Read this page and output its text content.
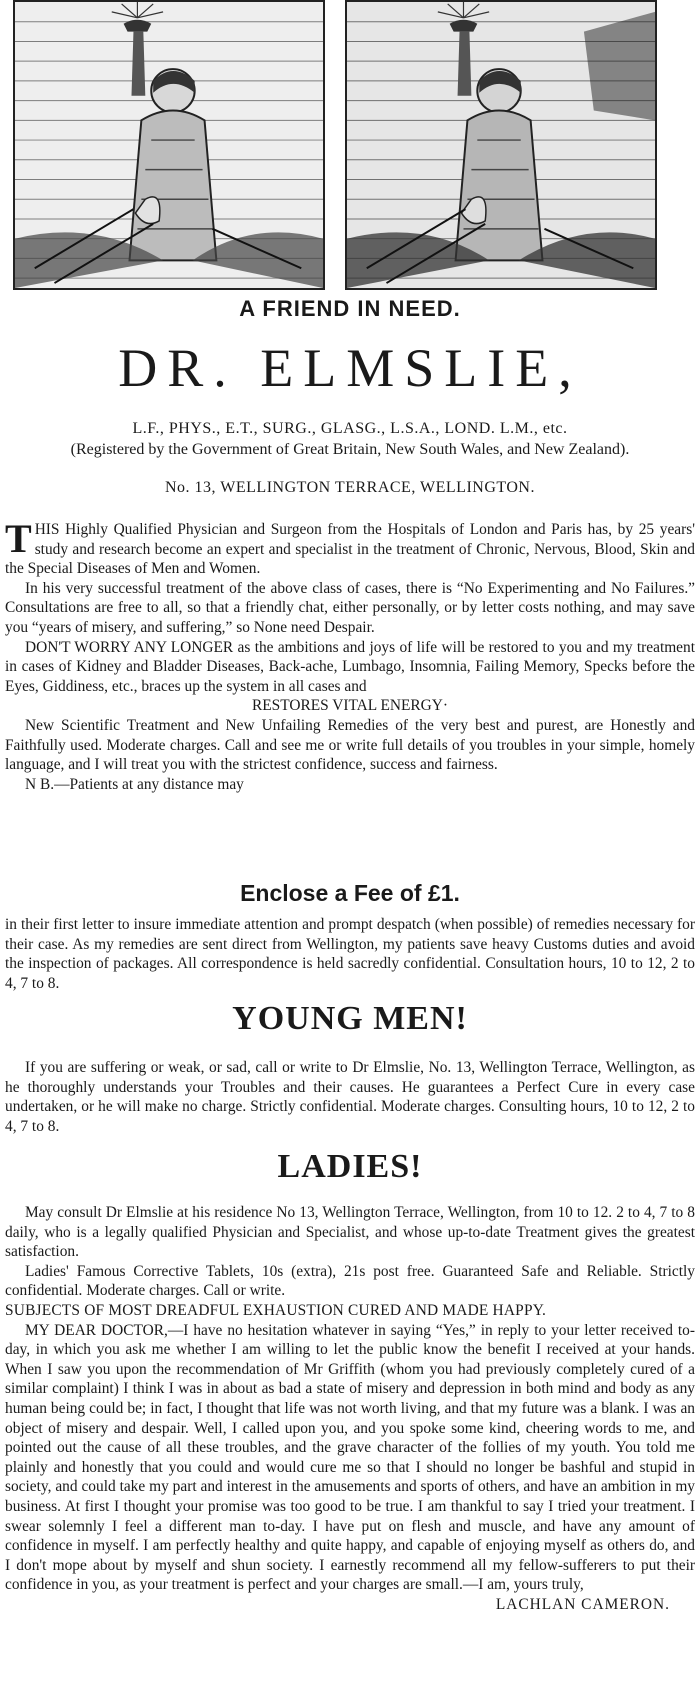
A FRIEND IN NEED.
DR. ELMSLIE,
L.F., PHYS., E.T., SURG., GLASG., L.S.A., LOND. L.M., etc.
(Registered by the Government of Great Britain, New South Wales, and New Zealand).
No. 13, WELLINGTON TERRACE, WELLINGTON.

THIS Highly Qualified Physician and Surgeon from the Hospitals of London and Paris has, by 25 years' study and research become an expert and specialist in the treatment of Chronic, Nervous, Blood, Skin and the Special Diseases of Men and Women.

In his very successful treatment of the above class of cases, there is “No Experimenting and No Failures.” Consultations are free to all, so that a friendly chat, either personally, or by letter costs nothing, and may save you “years of misery, and suffering,” so None need Despair.

DON'T WORRY ANY LONGER as the ambitions and joys of life will be restored to you and my treatment in cases of Kidney and Bladder Diseases, Back-ache, Lumbago, Insomnia, Failing Memory, Specks before the Eyes, Giddiness, etc., braces up the system in all cases and

RESTORES VITAL ENERGY·

New Scientific Treatment and New Unfailing Remedies of the very best and purest, are Honestly and Faithfully used. Moderate charges. Call and see me or write full details of you troubles in your simple, homely language, and I will treat you with the strictest confidence, success and fairness.

N B.—Patients at any distance may

Enclose a Fee of £1.

in their first letter to insure immediate attention and prompt despatch (when possible) of remedies necessary for their case. As my remedies are sent direct from Wellington, my patients save heavy Customs duties and avoid the inspection of packages. All correspondence is held sacredly confidential. Consultation hours, 10 to 12, 2 to 4, 7 to 8.

YOUNG MEN!

If you are suffering or weak, or sad, call or write to Dr Elmslie, No. 13, Wellington Terrace, Wellington, as he thoroughly understands your Troubles and their causes. He guarantees a Perfect Cure in every case undertaken, or he will make no charge. Strictly confidential. Moderate charges. Consulting hours, 10 to 12, 2 to 4, 7 to 8.

LADIES!

May consult Dr Elmslie at his residence No 13, Wellington Terrace, Wellington, from 10 to 12. 2 to 4, 7 to 8 daily, who is a legally qualified Physician and Specialist, and whose up-to-date Treatment gives the greatest satisfaction.

Ladies' Famous Corrective Tablets, 10s (extra), 21s post free. Guaranteed Safe and Reliable. Strictly confidential. Moderate charges. Call or write.

SUBJECTS OF MOST DREADFUL EXHAUSTION CURED AND MADE HAPPY.

MY DEAR DOCTOR,—I have no hesitation whatever in saying “Yes,” in reply to your letter received to-day, in which you ask me whether I am willing to let the public know the benefit I received at your hands. When I saw you upon the recommendation of Mr Griffith (whom you had previously completely cured of a similar complaint) I think I was in about as bad a state of misery and depression in both mind and body as any human being could be; in fact, I thought that life was not worth living, and that my future was a blank. I was an object of misery and despair. Well, I called upon you, and you spoke some kind, cheering words to me, and pointed out the cause of all these troubles, and the grave character of the follies of my youth. You told me plainly and honestly that you could and would cure me so that I should no longer be bashful and stupid in society, and could take my part and interest in the amusements and sports of others, and have an ambition in my business. At first I thought your promise was too good to be true. I am thankful to say I tried your treatment. I swear solemnly I feel a different man to-day. I have put on flesh and muscle, and have any amount of confidence in myself. I am perfectly healthy and quite happy, and capable of enjoying myself as others do, and I don't mope about by myself and shun society. I earnestly recommend all my fellow-sufferers to put their confidence in you, as your treatment is perfect and your charges are small.—I am, yours truly,

LACHLAN CAMERON.
